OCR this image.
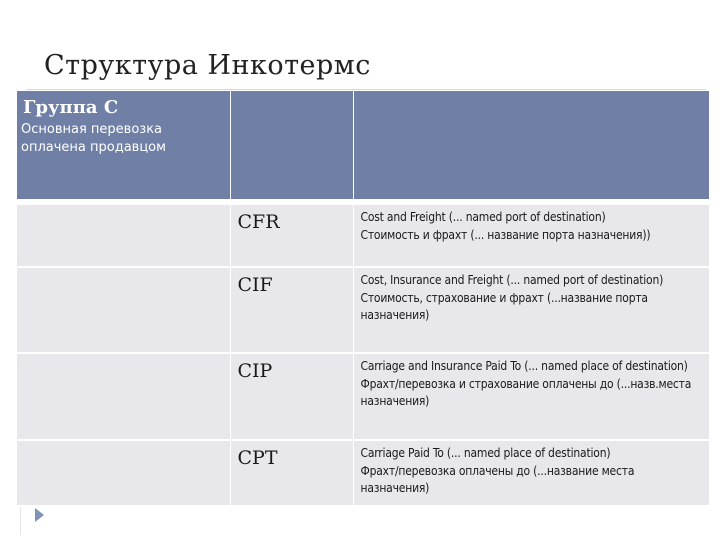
Структура Инкотермс
Группа С
Основная перевозка оплачена продавцом		

	CFR	Cost and Freight (... named port of destination)
Стоимость и фрахт (... название порта назначения))

	CIF	Cost, Insurance and Freight (... named port of destination)
Стоимость, страхование и фрахт (...название порта назначения)

	CIP	Carriage and Insurance Paid To (... named place of destination)
Фрахт/перевозка и страхование оплачены до (...назв.места назначения)

	CPT	Carriage Paid To (... named place of destination)
Фрахт/перевозка оплачены до (...название места назначения)
